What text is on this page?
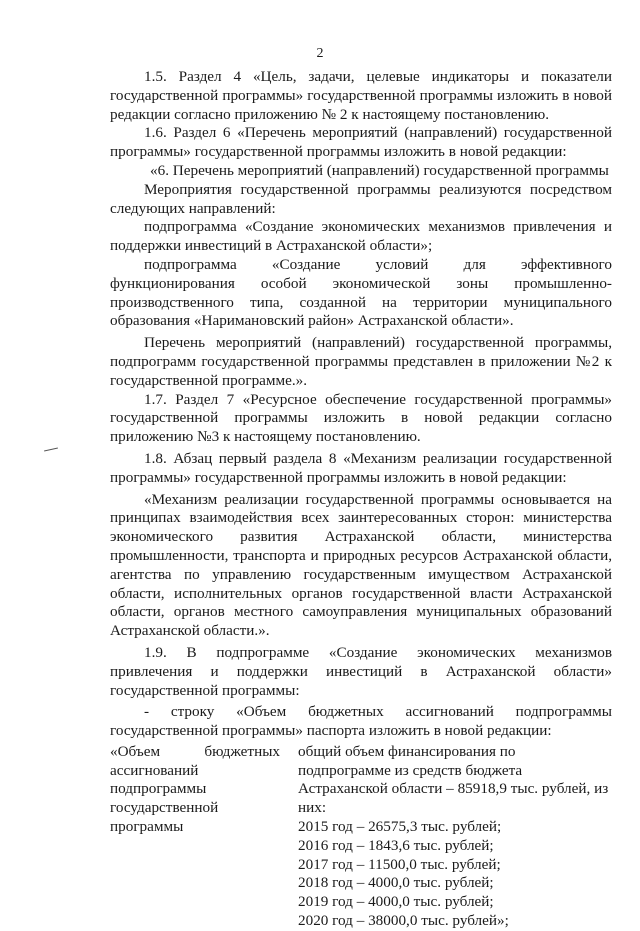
2

1.5. Раздел 4 «Цель, задачи, целевые индикаторы и показатели государственной программы» государственной программы изложить в новой редакции согласно приложению № 2 к настоящему постановлению.

1.6. Раздел 6 «Перечень мероприятий (направлений) государственной программы» государственной программы изложить в новой редакции:

«6. Перечень мероприятий (направлений) государственной программы

Мероприятия государственной программы реализуются посредством следующих направлений:

подпрограмма «Создание экономических механизмов привлечения и поддержки инвестиций в Астраханской области»;

подпрограмма «Создание условий для эффективного функционирования особой экономической зоны промышленно-производственного типа, созданной на территории муниципального образования «Наримановский район» Астраханской области».

Перечень мероприятий (направлений) государственной программы, подпрограмм государственной программы представлен в приложении №2 к государственной программе.».

1.7. Раздел 7 «Ресурсное обеспечение государственной программы» государственной программы изложить в новой редакции согласно приложению №3 к настоящему постановлению.

1.8. Абзац первый раздела 8 «Механизм реализации государственной программы» государственной программы изложить в новой редакции:

«Механизм реализации государственной программы основывается на принципах взаимодействия всех заинтересованных сторон: министерства экономического развития Астраханской области, министерства промышленности, транспорта и природных ресурсов Астраханской области, агентства по управлению государственным имуществом Астраханской области, исполнительных органов государственной власти Астраханской области, органов местного самоуправления муниципальных образований Астраханской области.».

1.9. В подпрограмме «Создание экономических механизмов привлечения и поддержки инвестиций в Астраханской области» государственной программы:

- строку «Объем бюджетных ассигнований подпрограммы государственной программы» паспорта изложить в новой редакции:

«Объем бюджетных ассигнований подпрограммы государственной программы

общий объем финансирования по подпрограмме из средств бюджета Астраханской области – 85918,9 тыс. рублей, из них:

2015 год – 26575,3 тыс. рублей;

2016 год – 1843,6 тыс. рублей;

2017 год – 11500,0 тыс. рублей;

2018 год – 4000,0 тыс. рублей;

2019 год – 4000,0 тыс. рублей;

2020 год – 38000,0 тыс. рублей»;
